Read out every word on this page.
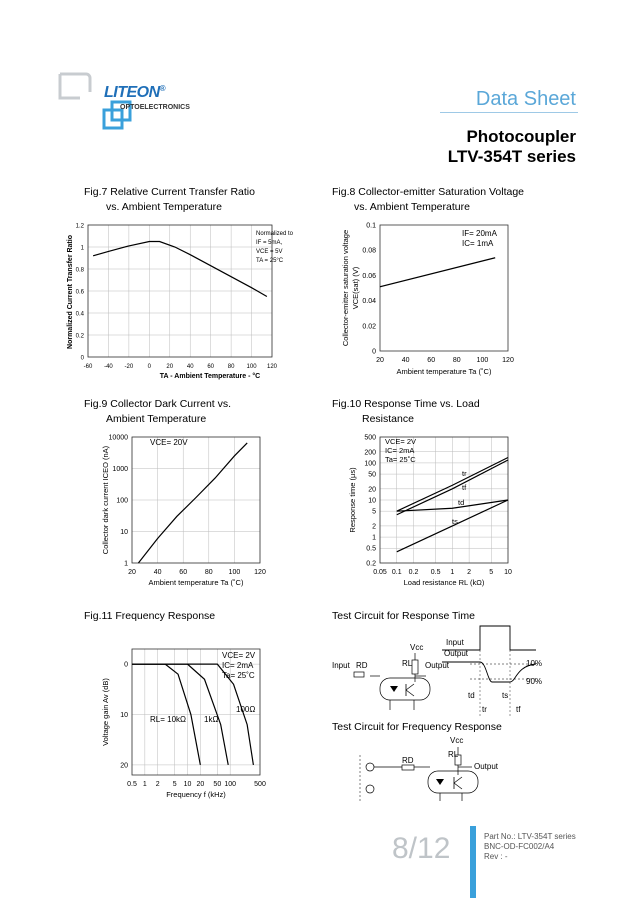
LITEON®
OPTOELECTRONICS	Data Sheet
Photocoupler
LTV-354T series
Fig.7 Relative Current Transfer Ratio
vs. Ambient Temperature
Fig.8 Collector-emitter Saturation Voltage
vs. Ambient Temperature
Fig.9 Collector Dark Current vs.
Ambient Temperature
Fig.10 Response Time vs. Load
Resistance
Fig.11 Frequency Response	Test Circuit for Response Time
Test Circuit for Frequency Response
-60 -40 -20 0	20 40 60 80 100 120
0
0.2
0.4
0.6
0.8
1
1.2
20	40	60	80 100 120
0
0.02
0.04
0.06
0.08
0.1
20	40	60	80 100 120
1
10
100
1000
10000
0.05 0.1 0.2 0.5 1 2	5 10
0.2
0.5
1
2
5
10
20
50
100
200
500
0.5 1 2 5 10 20 50 100	500
0
10
20
TA - Ambient Temperature - °C
Normalized Current Transfer Ratio
Normalized to
IF = 5mA,
VCE = 5V
TA = 25°C
Ambient temperature Ta (˚C)
Collector-emitter saturation voltage VCE(sat) (V)
IF= 20mA
IC= 1mA
Ambient temperature Ta (˚C)
Collector dark current ICEO (nA)
VCE= 20V
Load resistance RL (kΩ)
Response time (μs)
VCE= 2V
IC= 2mA
Ta= 25˚C
tr
tf
td
ts
Frequency f (kHz)
Voltage gain Av (dB)
VCE= 2V
IC= 2mA
Ta= 25˚C
RL= 10kΩ 1kΩ
100Ω
Vcc
RL
RD
Input	Output
Input
Output
10%
90%
td	ts
tr	tf
Vcc
RL
RD
Output
8/12	Part No.: LTV-354T series
BNC-OD-FC002/A4
Rev : -
